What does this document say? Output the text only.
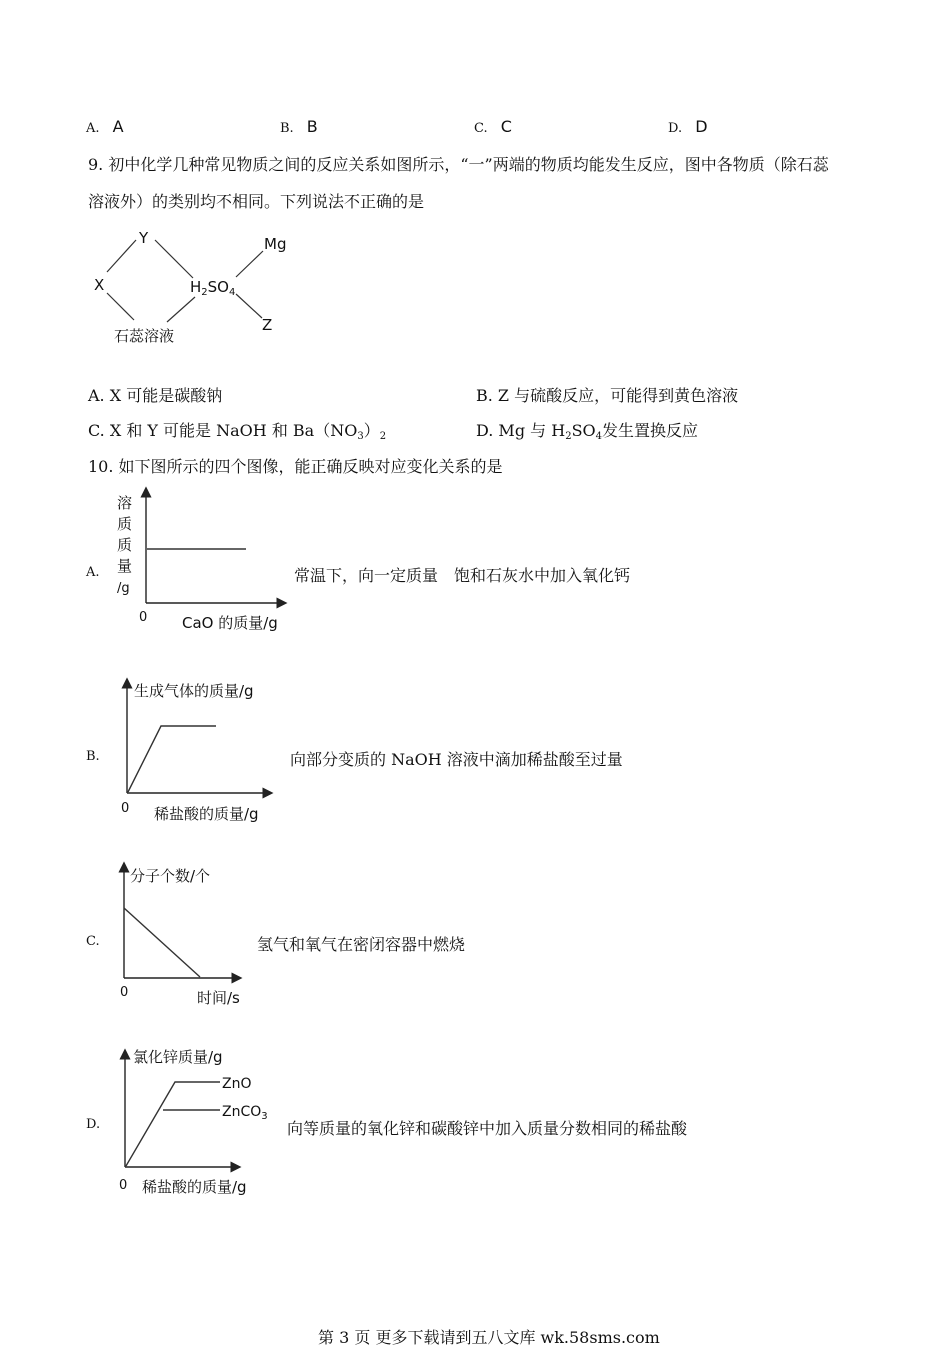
A. A	B. B	C. C	D. D
9. 初中化学几种常见物质之间的反应关系如图所示，“一”两端的物质均能发生反应，图中各物质（除石蕊
溶液外）的类别均不相同。下列说法不正确的是
Y
X	$H_2SO_4$
Mg
Z
石蕊溶液
A. X 可能是碳酸钠	B. Z 与硫酸反应，可能得到黄色溶液
C. X 和 Y 可能是 NaOH 和 $Ba(NO_3)_2$	D. Mg 与 $H_2SO_4$发生置换反应
10. 如下图所示的四个图像，能正确反映对应变化关系的是
A.
溶
质
质
量
/g
0 CaO 的质量/g
常温下，向一定质量　饱和石灰水中加入氧化钙
B.
生成气体的质量/g
0 稀盐酸的质量/g
向部分变质的 NaOH 溶液中滴加稀盐酸至过量
C.
分子个数/个
0	时间/s
氢气和氧气在密闭容器中燃烧
D.
氯化锌质量/g
ZnO
ZnCO$_3$
0 稀盐酸的质量/g
向等质量的氧化锌和碳酸锌中加入质量分数相同的稀盐酸
第 3 页 更多下载请到五八文库 wk.58sms.com
